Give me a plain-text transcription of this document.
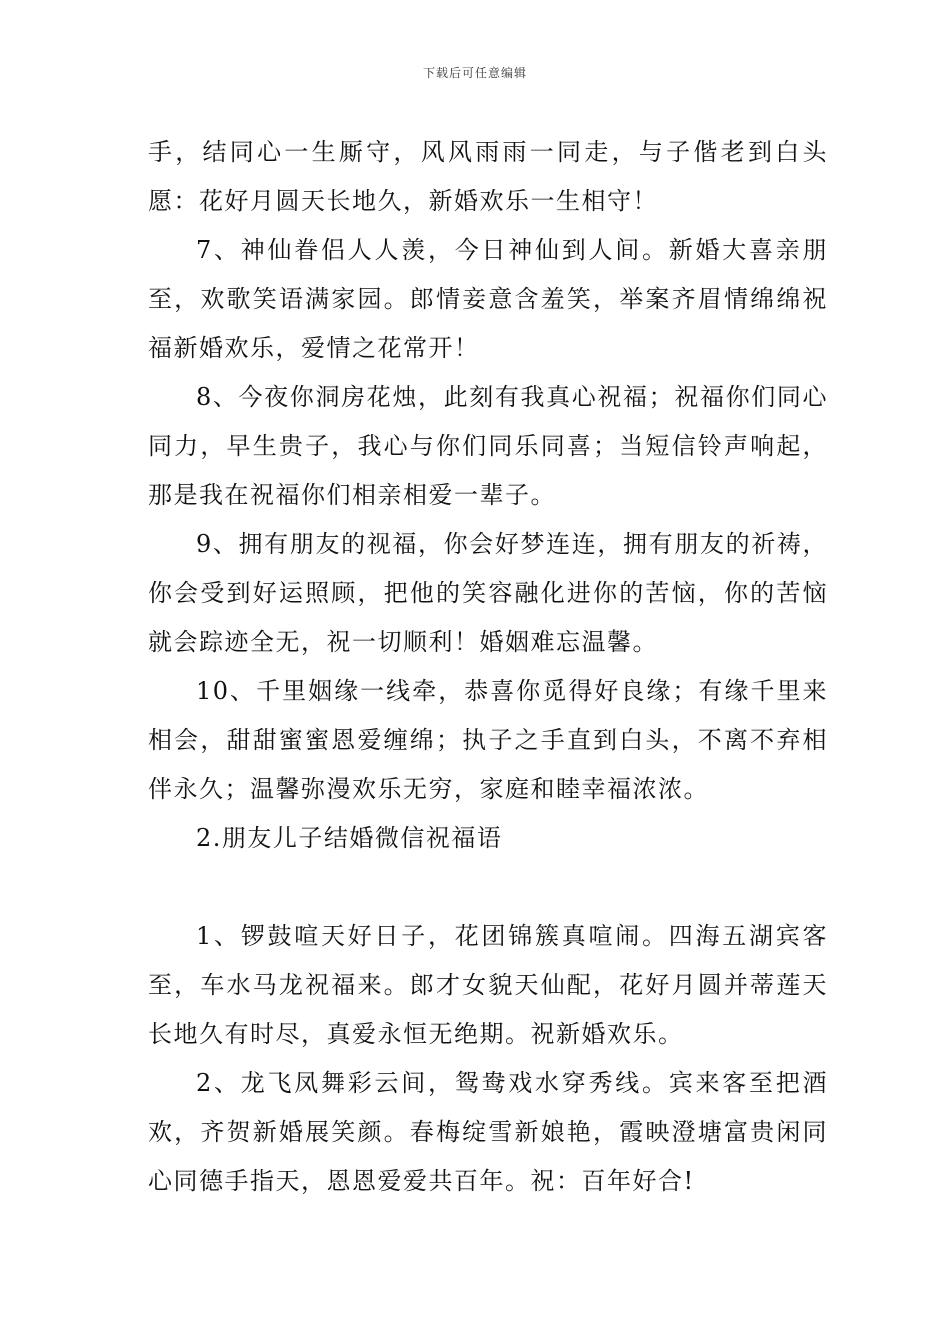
下载后可任意编辑

手，结同心一生厮守，风风雨雨一同走，与子偕老到白头愿：花好月圆天长地久，新婚欢乐一生相守！

7、神仙眷侣人人羡，今日神仙到人间。新婚大喜亲朋至，欢歌笑语满家园。郎情妾意含羞笑，举案齐眉情绵绵祝福新婚欢乐，爱情之花常开！

8、今夜你洞房花烛，此刻有我真心祝福；祝福你们同心同力，早生贵子，我心与你们同乐同喜；当短信铃声响起，那是我在祝福你们相亲相爱一辈子。

9、拥有朋友的视福，你会好梦连连，拥有朋友的祈祷，你会受到好运照顾，把他的笑容融化进你的苦恼，你的苦恼就会踪迹全无，祝一切顺利！婚姻难忘温馨。

10、千里姻缘一线牵，恭喜你觅得好良缘；有缘千里来相会，甜甜蜜蜜恩爱缠绵；执子之手直到白头，不离不弃相伴永久；温馨弥漫欢乐无穷，家庭和睦幸福浓浓。

2.朋友儿子结婚微信祝福语

1、锣鼓喧天好日子，花团锦簇真喧闹。四海五湖宾客至，车水马龙祝福来。郎才女貌天仙配，花好月圆并蒂莲天长地久有时尽，真爱永恒无绝期。祝新婚欢乐。

2、龙飞凤舞彩云间，鸳鸯戏水穿秀线。宾来客至把酒欢，齐贺新婚展笑颜。春梅绽雪新娘艳，霞映澄塘富贵闲同心同德手指天，恩恩爱爱共百年。祝：百年好合!
